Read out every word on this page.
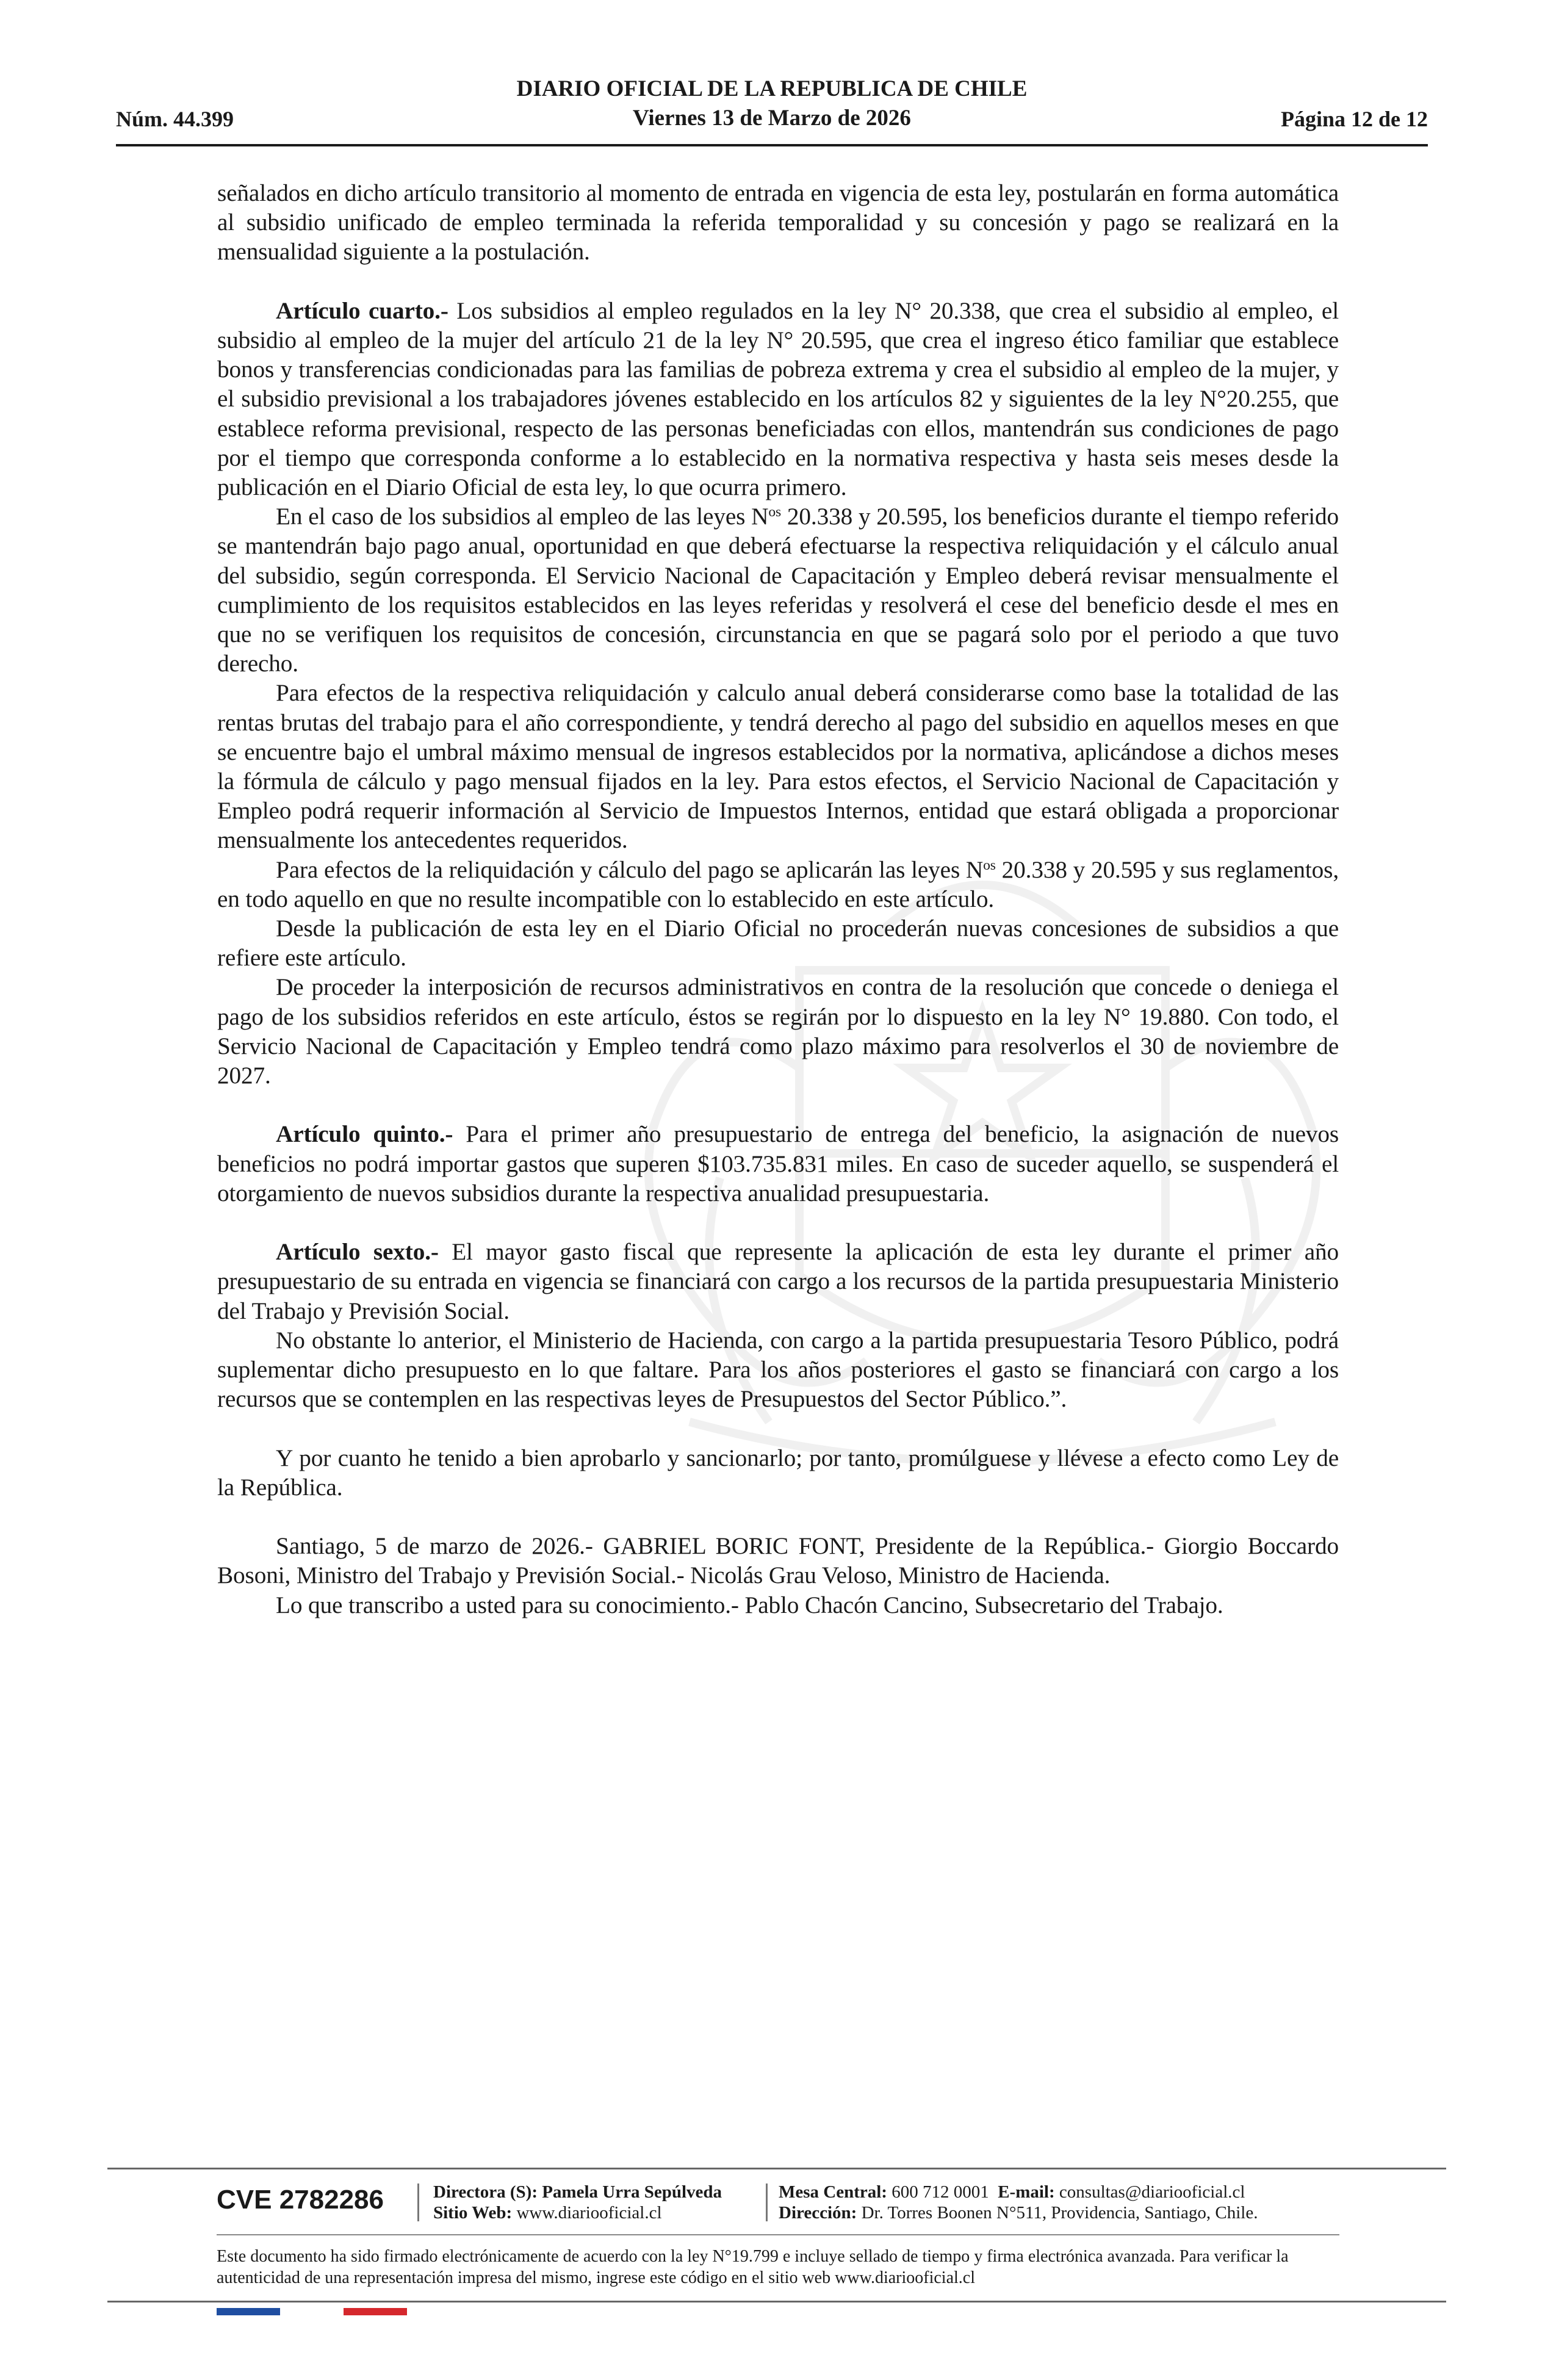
Núm. 44.399
DIARIO OFICIAL DE LA REPUBLICA DE CHILE
Viernes 13 de Marzo de 2026	Página 12 de 12

señalados en dicho artículo transitorio al momento de entrada en vigencia de esta ley, postularán en forma automática al subsidio unificado de empleo terminada la referida temporalidad y su concesión y pago se realizará en la mensualidad siguiente a la postulación.

Artículo cuarto.- Los subsidios al empleo regulados en la ley N° 20.338, que crea el subsidio al empleo, el subsidio al empleo de la mujer del artículo 21 de la ley N° 20.595, que crea el ingreso ético familiar que establece bonos y transferencias condicionadas para las familias de pobreza extrema y crea el subsidio al empleo de la mujer, y el subsidio previsional a los trabajadores jóvenes establecido en los artículos 82 y siguientes de la ley N°20.255, que establece reforma previsional, respecto de las personas beneficiadas con ellos, mantendrán sus condiciones de pago por el tiempo que corresponda conforme a lo establecido en la normativa respectiva y hasta seis meses desde la publicación en el Diario Oficial de esta ley, lo que ocurra primero.

En el caso de los subsidios al empleo de las leyes $N^{os}$ 20.338 y 20.595, los beneficios durante el tiempo referido se mantendrán bajo pago anual, oportunidad en que deberá efectuarse la respectiva reliquidación y el cálculo anual del subsidio, según corresponda. El Servicio Nacional de Capacitación y Empleo deberá revisar mensualmente el cumplimiento de los requisitos establecidos en las leyes referidas y resolverá el cese del beneficio desde el mes en que no se verifiquen los requisitos de concesión, circunstancia en que se pagará solo por el periodo a que tuvo derecho.

Para efectos de la respectiva reliquidación y calculo anual deberá considerarse como base la totalidad de las rentas brutas del trabajo para el año correspondiente, y tendrá derecho al pago del subsidio en aquellos meses en que se encuentre bajo el umbral máximo mensual de ingresos establecidos por la normativa, aplicándose a dichos meses la fórmula de cálculo y pago mensual fijados en la ley. Para estos efectos, el Servicio Nacional de Capacitación y Empleo podrá requerir información al Servicio de Impuestos Internos, entidad que estará obligada a proporcionar mensualmente los antecedentes requeridos.

Para efectos de la reliquidación y cálculo del pago se aplicarán las leyes $N^{os}$ 20.338 y 20.595 y sus reglamentos, en todo aquello en que no resulte incompatible con lo establecido en este artículo.

Desde la publicación de esta ley en el Diario Oficial no procederán nuevas concesiones de subsidios a que refiere este artículo.

De proceder la interposición de recursos administrativos en contra de la resolución que concede o deniega el pago de los subsidios referidos en este artículo, éstos se regirán por lo dispuesto en la ley N° 19.880. Con todo, el Servicio Nacional de Capacitación y Empleo tendrá como plazo máximo para resolverlos el 30 de noviembre de 2027.

Artículo quinto.- Para el primer año presupuestario de entrega del beneficio, la asignación de nuevos beneficios no podrá importar gastos que superen $103.735.831 miles. En caso de suceder aquello, se suspenderá el otorgamiento de nuevos subsidios durante la respectiva anualidad presupuestaria.

Artículo sexto.- El mayor gasto fiscal que represente la aplicación de esta ley durante el primer año presupuestario de su entrada en vigencia se financiará con cargo a los recursos de la partida presupuestaria Ministerio del Trabajo y Previsión Social.

No obstante lo anterior, el Ministerio de Hacienda, con cargo a la partida presupuestaria Tesoro Público, podrá suplementar dicho presupuesto en lo que faltare. Para los años posteriores el gasto se financiará con cargo a los recursos que se contemplen en las respectivas leyes de Presupuestos del Sector Público.”.

Y por cuanto he tenido a bien aprobarlo y sancionarlo; por tanto, promúlguese y llévese a efecto como Ley de la República.

Santiago, 5 de marzo de 2026.- GABRIEL BORIC FONT, Presidente de la República.- Giorgio Boccardo Bosoni, Ministro del Trabajo y Previsión Social.- Nicolás Grau Veloso, Ministro de Hacienda.

Lo que transcribo a usted para su conocimiento.- Pablo Chacón Cancino, Subsecretario del Trabajo.

CVE 2782286	Directora (S): Pamela Urra Sepúlveda
Sitio Web: www.diariooficial.cl
Mesa Central: 600 712 0001 E-mail: consultas@diariooficial.cl
Dirección: Dr. Torres Boonen N°511, Providencia, Santiago, Chile.
Este documento ha sido firmado electrónicamente de acuerdo con la ley N°19.799 e incluye sellado de tiempo y firma electrónica avanzada. Para verificar la autenticidad de una representación impresa del mismo, ingrese este código en el sitio web www.diariooficial.cl
